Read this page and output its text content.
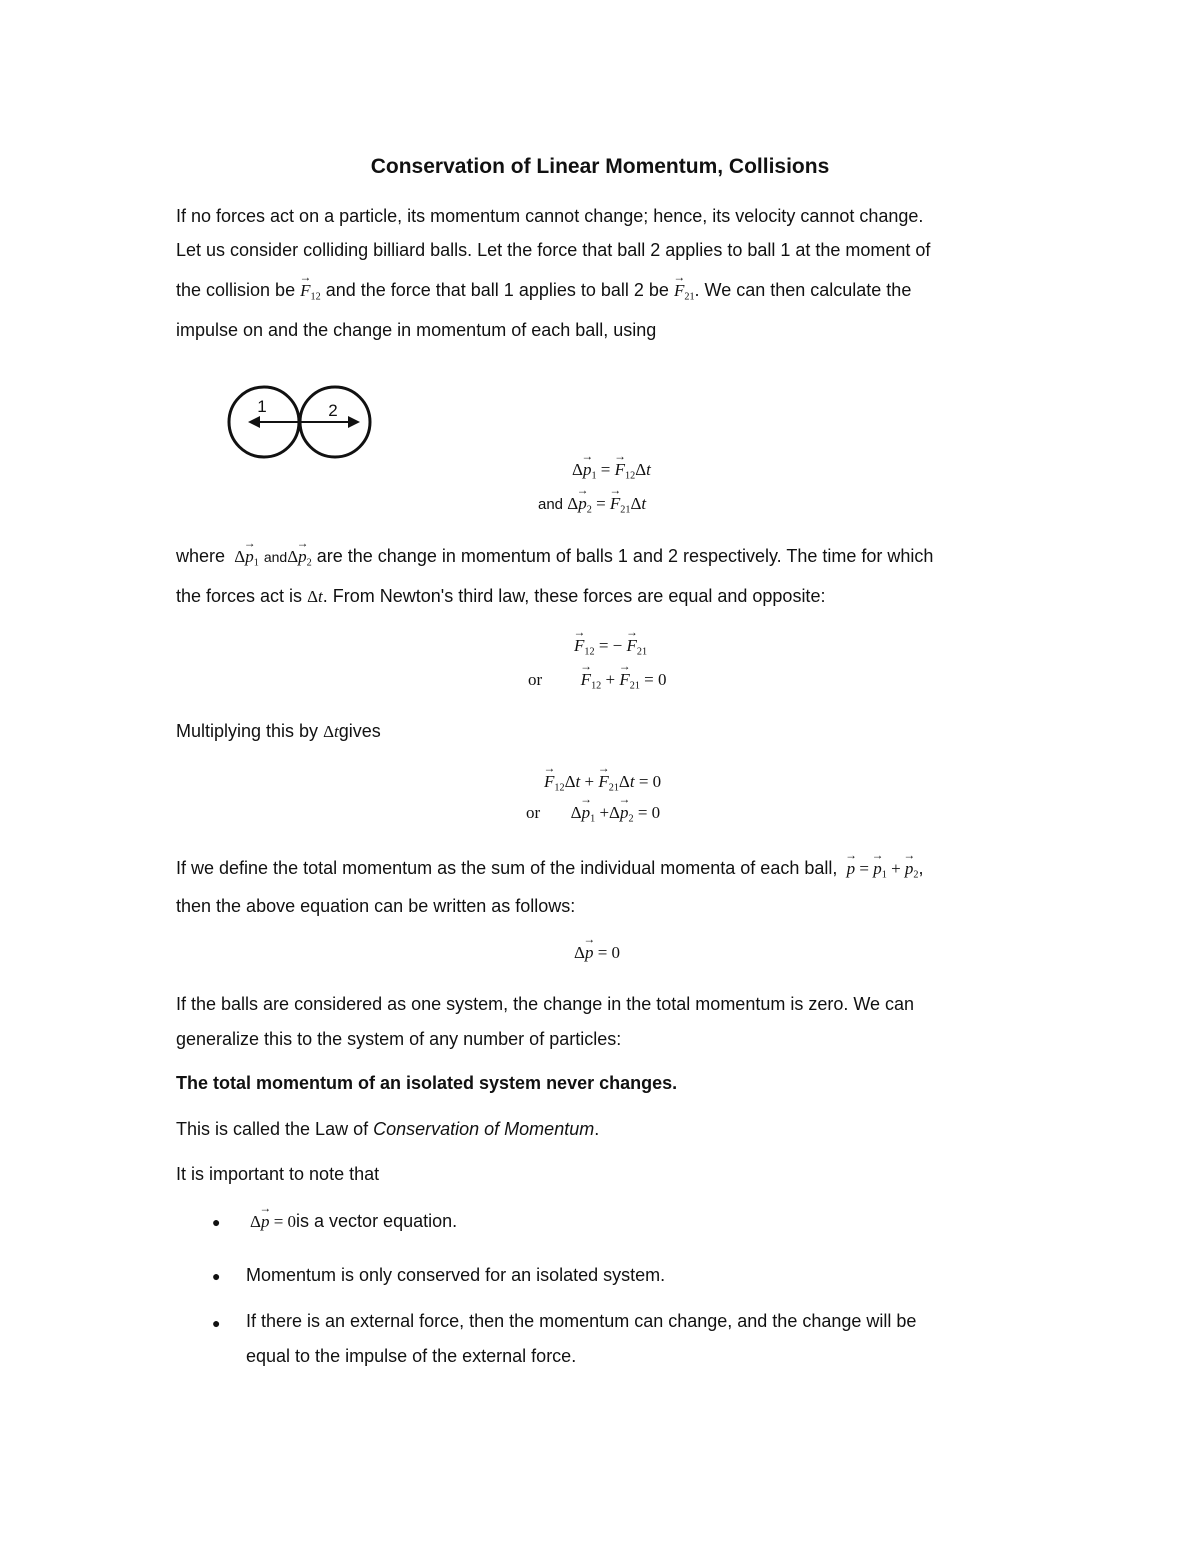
Conservation of Linear Momentum, Collisions
If no forces act on a particle, its momentum cannot change; hence, its velocity cannot change.
Let us consider colliding billiard balls. Let the force that ball 2 applies to ball 1 at the moment of
the collision be → $F_{12}$ and the force that ball 1 applies to ball 2 be → $F_{21}$. We can then calculate the
impulse on and the change in momentum of each ball, using
1	2
$\Delta\to p_1$ = → $F_{12}\Delta t$
and $\Delta\to p_2$ = → $F_{21}\Delta t$
where $\Delta\to p_1$ $and\Delta\to p_2$ are the change in momentum of balls 1 and 2 respectively. The time for which
the forces act is Δt. From Newton's third law, these forces are equal and opposite:
→ $F_{12}$ = − → $F_{21}$
or → $F_{12}$ + → $F_{21} = 0$
Multiplying this by Δtgives
→ $F_{12}\Delta t$ + → $F_{21}\Delta t = 0$
or $\Delta\to p_1 +\Delta\to p_2 = 0$
If we define the total momentum as the sum of the individual momenta of each ball, → p = → $p_1$ + → $p_2$,
then the above equation can be written as follows:
Δ→ p = 0
If the balls are considered as one system, the change in the total momentum is zero. We can
generalize this to the system of any number of particles:
The total momentum of an isolated system never changes.
This is called the Law of Conservation of Momentum.
It is important to note that
● Δ→ p = 0is a vector equation.
● Momentum is only conserved for an isolated system.
● If there is an external force, then the momentum can change, and the change will be
equal to the impulse of the external force.
